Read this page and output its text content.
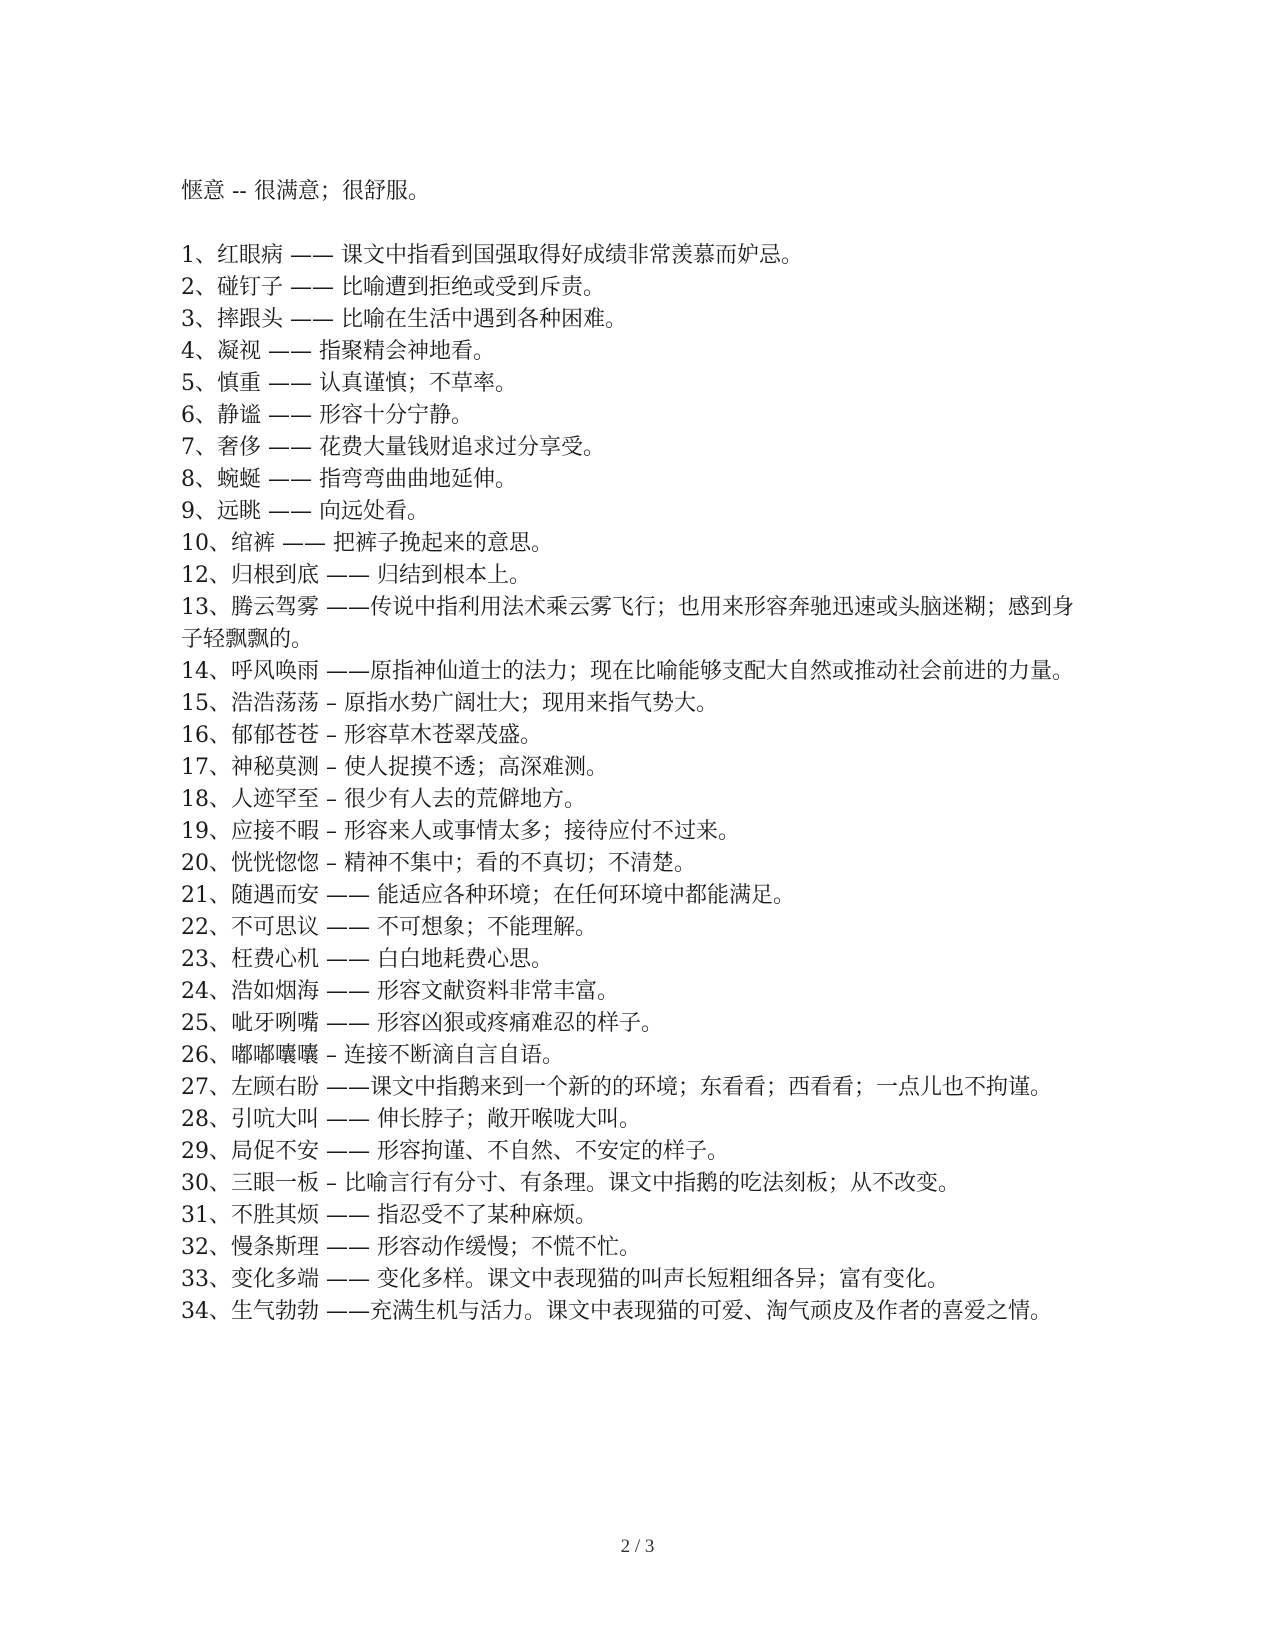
惬意 -- 很满意；很舒服。

1、红眼病 —— 课文中指看到国强取得好成绩非常羡慕而妒忌。

2、碰钉子 —— 比喻遭到拒绝或受到斥责。

3、摔跟头 —— 比喻在生活中遇到各种困难。

4、凝视 —— 指聚精会神地看。

5、慎重 —— 认真谨慎；不草率。

6、静谧 —— 形容十分宁静。

7、奢侈 —— 花费大量钱财追求过分享受。

8、蜿蜒 —— 指弯弯曲曲地延伸。

9、远眺 —— 向远处看。

10、绾裤 —— 把裤子挽起来的意思。

12、归根到底 —— 归结到根本上。

13、腾云驾雾 ——传说中指利用法术乘云雾飞行；也用来形容奔驰迅速或头脑迷糊；感到身子轻飘飘的。

14、呼风唤雨 ——原指神仙道士的法力；现在比喻能够支配大自然或推动社会前进的力量。

15、浩浩荡荡 – 原指水势广阔壮大；现用来指气势大。

16、郁郁苍苍 – 形容草木苍翠茂盛。

17、神秘莫测 – 使人捉摸不透；高深难测。

18、人迹罕至 – 很少有人去的荒僻地方。

19、应接不暇 – 形容来人或事情太多；接待应付不过来。

20、恍恍惚惚 – 精神不集中；看的不真切；不清楚。

21、随遇而安 —— 能适应各种环境；在任何环境中都能满足。

22、不可思议 —— 不可想象；不能理解。

23、枉费心机 —— 白白地耗费心思。

24、浩如烟海 —— 形容文献资料非常丰富。

25、呲牙咧嘴 —— 形容凶狠或疼痛难忍的样子。

26、嘟嘟囔囔 – 连接不断滴自言自语。

27、左顾右盼 ——课文中指鹅来到一个新的的环境；东看看；西看看；一点儿也不拘谨。

28、引吭大叫 —— 伸长脖子；敞开喉咙大叫。

29、局促不安 —— 形容拘谨、不自然、不安定的样子。

30、三眼一板 – 比喻言行有分寸、有条理。课文中指鹅的吃法刻板；从不改变。

31、不胜其烦 —— 指忍受不了某种麻烦。

32、慢条斯理 —— 形容动作缓慢；不慌不忙。

33、变化多端 —— 变化多样。课文中表现猫的叫声长短粗细各异；富有变化。

34、生气勃勃 ——充满生机与活力。课文中表现猫的可爱、淘气顽皮及作者的喜爱之情。

2 / 3
